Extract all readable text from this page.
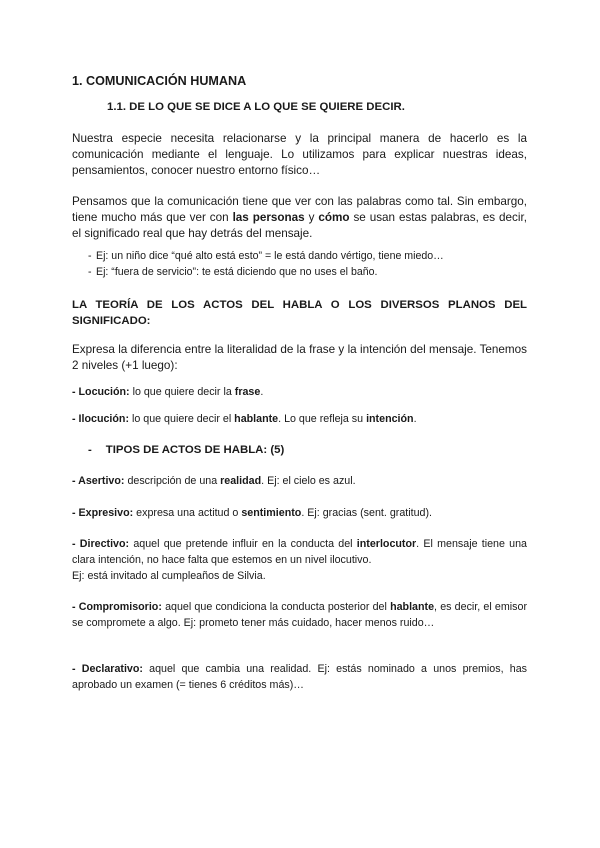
1. COMUNICACIÓN HUMANA
1.1. DE LO QUE SE DICE A LO QUE SE QUIERE DECIR.
Nuestra especie necesita relacionarse y la principal manera de hacerlo es la comunicación mediante el lenguaje. Lo utilizamos para explicar nuestras ideas, pensamientos, conocer nuestro entorno físico…
Pensamos que la comunicación tiene que ver con las palabras como tal. Sin embargo, tiene mucho más que ver con las personas y cómo se usan estas palabras, es decir, el significado real que hay detrás del mensaje.
- Ej: un niño dice “qué alto está esto” = le está dando vértigo, tiene miedo…
- Ej: “fuera de servicio”: te está diciendo que no uses el baño.
LA TEORÍA DE LOS ACTOS DEL HABLA O LOS DIVERSOS PLANOS DEL SIGNIFICADO:
Expresa la diferencia entre la literalidad de la frase y la intención del mensaje. Tenemos 2 niveles (+1 luego):
- Locución: lo que quiere decir la frase.
- Ilocución: lo que quiere decir el hablante. Lo que refleja su intención.
- TIPOS DE ACTOS DE HABLA: (5)
- Asertivo: descripción de una realidad. Ej: el cielo es azul.
- Expresivo: expresa una actitud o sentimiento. Ej: gracias (sent. gratitud).
- Directivo: aquel que pretende influir en la conducta del interlocutor. El mensaje tiene una clara intención, no hace falta que estemos en un nivel ilocutivo.
Ej: está invitado al cumpleaños de Silvia.
- Compromisorio: aquel que condiciona la conducta posterior del hablante, es decir, el emisor se compromete a algo. Ej: prometo tener más cuidado, hacer menos ruido…
- Declarativo: aquel que cambia una realidad. Ej: estás nominado a unos premios, has aprobado un examen (= tienes 6 créditos más)…
